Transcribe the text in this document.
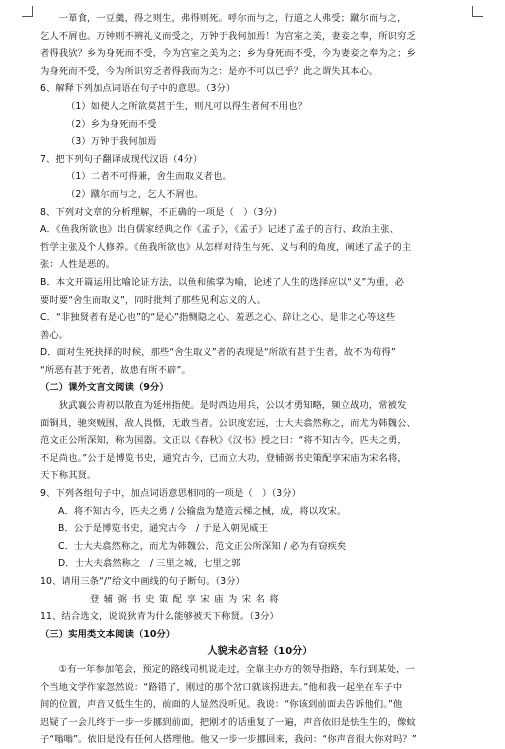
　　一箪食，一豆羹，得之则生，弗得则死。呼尔而与之，行道之人弗受；蹴尔而与之，
乞人不屑也。万钟则不辨礼义而受之，万钟于我何加焉！为宫室之美，妻妾之奉，所识穷乏
者得我欤？乡为身死而不受，今为宫室之美为之；乡为身死而不受，今为妻妾之奉为之；乡
为身死而不受，今为所识穷乏者得我而为之：是亦不可以已乎？此之谓失其本心。
6、解释下列加点词语在句子中的意思。（3分）
（1）如使人之所欲莫甚于生，则凡可以得生者何不用也？
（2）乡为身死而不受
（3）万钟于我何加焉
7、把下列句子翻译成现代汉语（4分）
（1）二者不可得兼，舍生而取义者也。
（2）蹴尔而与之，乞人不屑也。
8、下列对文章的分析理解，不正确的一项是（　）（3分）
A．《鱼我所欲也》出自儒家经典之作《孟子》，《孟子》记述了孟子的言行、政治主张、
哲学主张及个人修养。《鱼我所欲也》从怎样对待生与死、义与利的角度，阐述了孟子的主
张：人性是恶的。
B．本文开篇运用比喻论证方法，以鱼和熊掌为喻，论述了人生的选择应以“义”为重，必
要时要“舍生而取义”，同时批判了那些见利忘义的人。
C．“非独贤者有是心也”的“是心”指恻隐之心、羞恶之心、辞让之心、是非之心等这些
善心。
D．面对生死抉择的时候，那些“舍生取义”者的表现是“所欲有甚于生者，故不为苟得”
“所恶有甚于死者，故患有所不辟”。
（二）课外文言文阅读（9分）
　　狄武襄公青初以散直为延州指使。是时西边用兵，公以才勇知略，频立战功，常被发
面铜具，驰突贼围，敌人畏慑，无敢当者。公识度宏远，士大夫翕然称之，而尤为韩魏公、
范文正公所深知，称为国器。文正以《春秋》《汉书》授之曰：“将不知古今，匹夫之勇，
不足尚也。”公于是博览书史，通究古今，已而立大功，登辅弼书史策配享宋庙为宋名将，
天下称其贤。
9、下列各组句子中，加点词语意思相同的一项是（　）（3分）
A．将不知古今，匹夫之勇 / 公输盘为楚造云梯之械，成，将以攻宋。
B．公于是博览书史，通究古今　/ 于是入朝见威王
C．士大夫翕然称之，而尤为韩魏公、范文正公所深知 / 必为有窃疾矣
D．士大夫翕然称之　/ 三里之城，七里之郭
10、请用三条“/”给文中画线的句子断句。（3分）
登辅弼书史策配享宋庙为宋名将
11、结合选文，说说狄青为什么能够被天下称贤。（3分）
（三）实用类文本阅读（10分）
人貌未必言轻（10分）
　　①有一年参加笔会，预定的路线司机说走过，全靠主办方的领导指路，车行到某处，一
个当地文学作家忽然说：“路错了，刚过的那个岔口就该拐进去。”他和我一起坐在车子中
间的位置，声音又低生生的，前面的人显然没听见。我说：“你该到前面去告诉他们。”他
迟疑了一会儿终于一步一步挪到前面，把刚才的话重复了一遍，声音依旧是怯生生的，像蚊
子“嗡嗡”。依旧是没有任何人搭理他。他又一步一步挪回来，我问：“你声音很大你对吗？”
